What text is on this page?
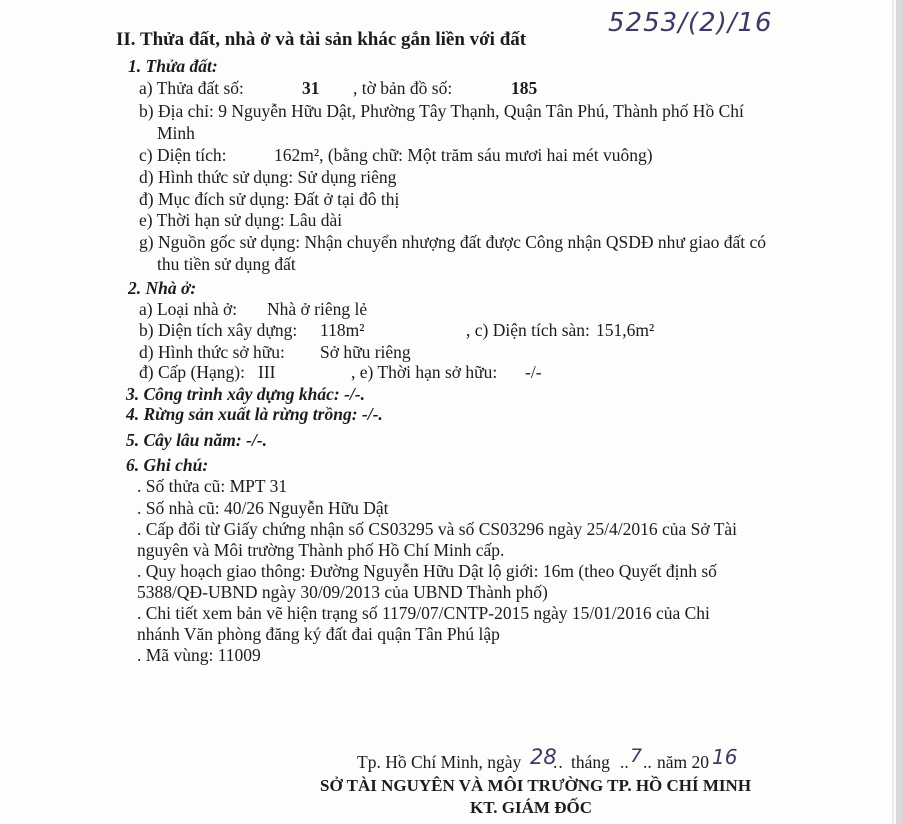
5253/(2)/16
II. Thửa đất, nhà ở và tài sản khác gắn liền với đất
1. Thửa đất:
a) Thửa đất số:	31 , tờ bản đồ số:	185
b) Địa chỉ: 9 Nguyễn Hữu Dật, Phường Tây Thạnh, Quận Tân Phú, Thành phố Hồ Chí
Minh
c) Diện tích:	162m², (bằng chữ: Một trăm sáu mươi hai mét vuông)
d) Hình thức sử dụng: Sử dụng riêng
đ) Mục đích sử dụng: Đất ở tại đô thị
e) Thời hạn sử dụng: Lâu dài
g) Nguồn gốc sử dụng: Nhận chuyển nhượng đất được Công nhận QSDĐ như giao đất có
thu tiền sử dụng đất
2. Nhà ở:
a) Loại nhà ở: Nhà ở riêng lẻ
b) Diện tích xây dựng: 118m²	, c) Diện tích sàn: 151,6m²
d) Hình thức sở hữu: Sở hữu riêng
đ) Cấp (Hạng): III	, e) Thời hạn sở hữu: -/-
3. Công trình xây dựng khác: -/-.
4. Rừng sản xuất là rừng trồng: -/-.
5. Cây lâu năm: -/-.
6. Ghi chú:
. Số thửa cũ: MPT 31
. Số nhà cũ: 40/26 Nguyễn Hữu Dật
. Cấp đổi từ Giấy chứng nhận số CS03295 và số CS03296 ngày 25/4/2016 của Sở Tài
nguyên và Môi trường Thành phố Hồ Chí Minh cấp.
. Quy hoạch giao thông: Đường Nguyễn Hữu Dật lộ giới: 16m (theo Quyết định số
5388/QĐ-UBND ngày 30/09/2013 của UBND Thành phố)
. Chi tiết xem bản vẽ hiện trạng số 1179/07/CNTP-2015 ngày 15/01/2016 của Chi
nhánh Văn phòng đăng ký đất đai quận Tân Phú lập
. Mã vùng: 11009
Tp. Hồ Chí Minh, ngày 28
.. tháng .. 7 .. năm 20 16
SỞ TÀI NGUYÊN VÀ MÔI TRƯỜNG TP. HỒ CHÍ MINH
KT. GIÁM ĐỐC
